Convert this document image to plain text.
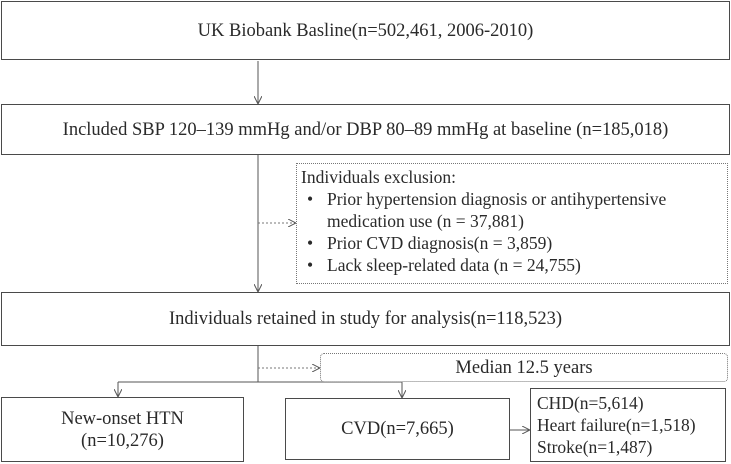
UK Biobank Basline(n=502,461, 2006-2010)
Included SBP 120–139 mmHg and/or DBP 80–89 mmHg at baseline (n=185,018)
Individuals exclusion:
• Prior hypertension diagnosis or antihypertensive medication use (n = 37,881)
• Prior CVD diagnosis(n = 3,859)
• Lack sleep-related data (n = 24,755)
Individuals retained in study for analysis(n=118,523)
Median 12.5 years
New-onset HTN
(n=10,276)
CVD(n=7,665)
CHD(n=5,614)
Heart failure(n=1,518)
Stroke(n=1,487)
